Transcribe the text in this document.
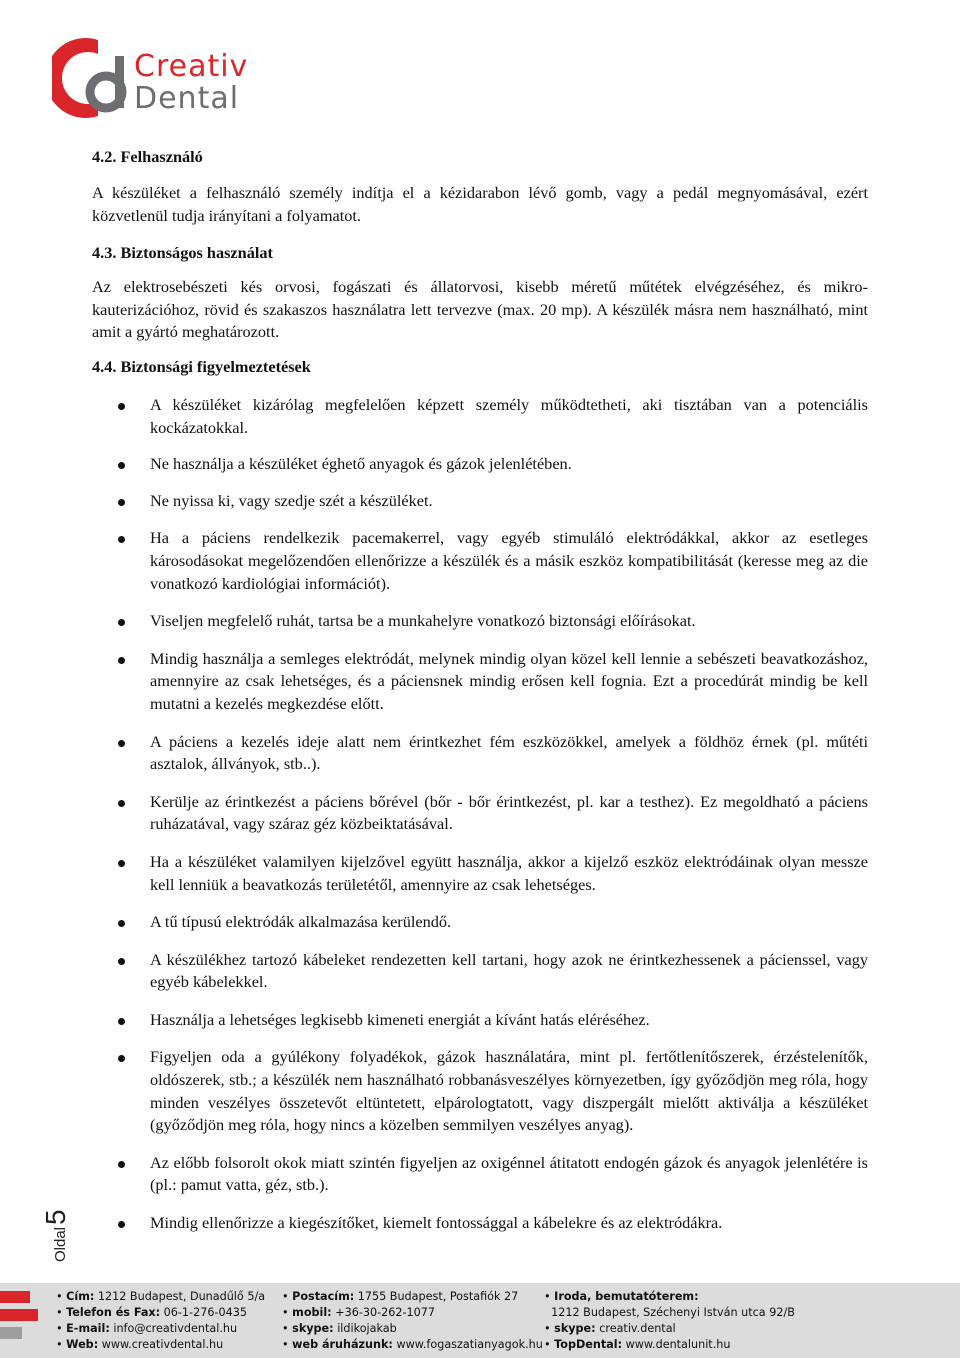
Creativ
Dental
4.2. Felhasználó

A készüléket a felhasználó személy indítja el a kézidarabon lévő gomb, vagy a pedál megnyomásával, ezért közvetlenül tudja irányítani a folyamatot.

4.3. Biztonságos használat

Az elektrosebészeti kés orvosi, fogászati és állatorvosi, kisebb méretű műtétek elvégzéséhez, és mikro-kauterizációhoz, rövid és szakaszos használatra lett tervezve (max. 20 mp). A készülék másra nem használható, mint amit a gyártó meghatározott.

4.4. Biztonsági figyelmeztetések
A készüléket kizárólag megfelelően képzett személy működtetheti, aki tisztában van a potenciális kockázatokkal.
Ne használja a készüléket éghető anyagok és gázok jelenlétében.
Ne nyissa ki, vagy szedje szét a készüléket.
Ha a páciens rendelkezik pacemakerrel, vagy egyéb stimuláló elektródákkal, akkor az esetleges károsodásokat megelőzendően ellenőrizze a készülék és a másik eszköz kompatibilitását (keresse meg az die vonatkozó kardiológiai információt).
Viseljen megfelelő ruhát, tartsa be a munkahelyre vonatkozó biztonsági előírásokat.
Mindig használja a semleges elektródát, melynek mindig olyan közel kell lennie a sebészeti beavatkozáshoz, amennyire az csak lehetséges, és a páciensnek mindig erősen kell fognia. Ezt a procedúrát mindig be kell mutatni a kezelés megkezdése előtt.
A páciens a kezelés ideje alatt nem érintkezhet fém eszközökkel, amelyek a földhöz érnek (pl. műtéti asztalok, állványok, stb..).
Kerülje az érintkezést a páciens bőrével (bőr - bőr érintkezést, pl. kar a testhez). Ez megoldható a páciens ruházatával, vagy száraz géz közbeiktatásával.
Ha a készüléket valamilyen kijelzővel együtt használja, akkor a kijelző eszköz elektródáinak olyan messze kell lenniük a beavatkozás területétől, amennyire az csak lehetséges.
A tű típusú elektródák alkalmazása kerülendő.
A készülékhez tartozó kábeleket rendezetten kell tartani, hogy azok ne érintkezhessenek a pácienssel, vagy egyéb kábelekkel.
Használja a lehetséges legkisebb kimeneti energiát a kívánt hatás eléréséhez.
Figyeljen oda a gyúlékony folyadékok, gázok használatára, mint pl. fertőtlenítőszerek, érzéstelenítők, oldószerek, stb.; a készülék nem használható robbanásveszélyes környezetben, így győződjön meg róla, hogy minden veszélyes összetevőt eltüntetett, elpárologtatott, vagy diszpergált mielőtt aktiválja a készüléket (győződjön meg róla, hogy nincs a közelben semmilyen veszélyes anyag).
Az előbb folsorolt okok miatt szintén figyeljen az oxigénnel átitatott endogén gázok és anyagok jelenlétére is (pl.: pamut vatta, géz, stb.).
Mindig ellenőrizze a kiegészítőket, kiemelt fontossággal a kábelekre és az elektródákra.
Oldal5
• Cím: 1212 Budapest, Dunadűlő 5/a
• Telefon és Fax: 06-1-276-0435
• E-mail: info@creativdental.hu
• Web: www.creativdental.hu
• Postacím: 1755 Budapest, Postafiók 27
• mobil: +36-30-262-1077
• skype: ildikojakab
• web áruházunk: www.fogaszatianyagok.hu
• Iroda, bemutatóterem:
1212 Budapest, Széchenyi István utca 92/B
• skype: creativ.dental
• TopDental: www.dentalunit.hu
